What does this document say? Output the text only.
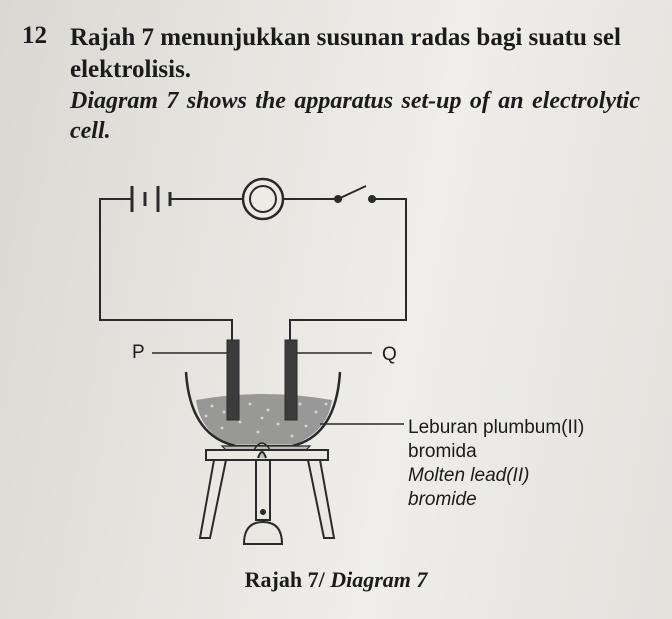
12 Rajah 7 menunjukkan susunan radas bagi suatu sel elektrolisis.
Diagram 7 shows the apparatus set-up of an electrolytic cell.
P	Q
Leburan plumbum(II)
bromida
Molten lead(II)
bromide
Rajah 7/ Diagram 7
